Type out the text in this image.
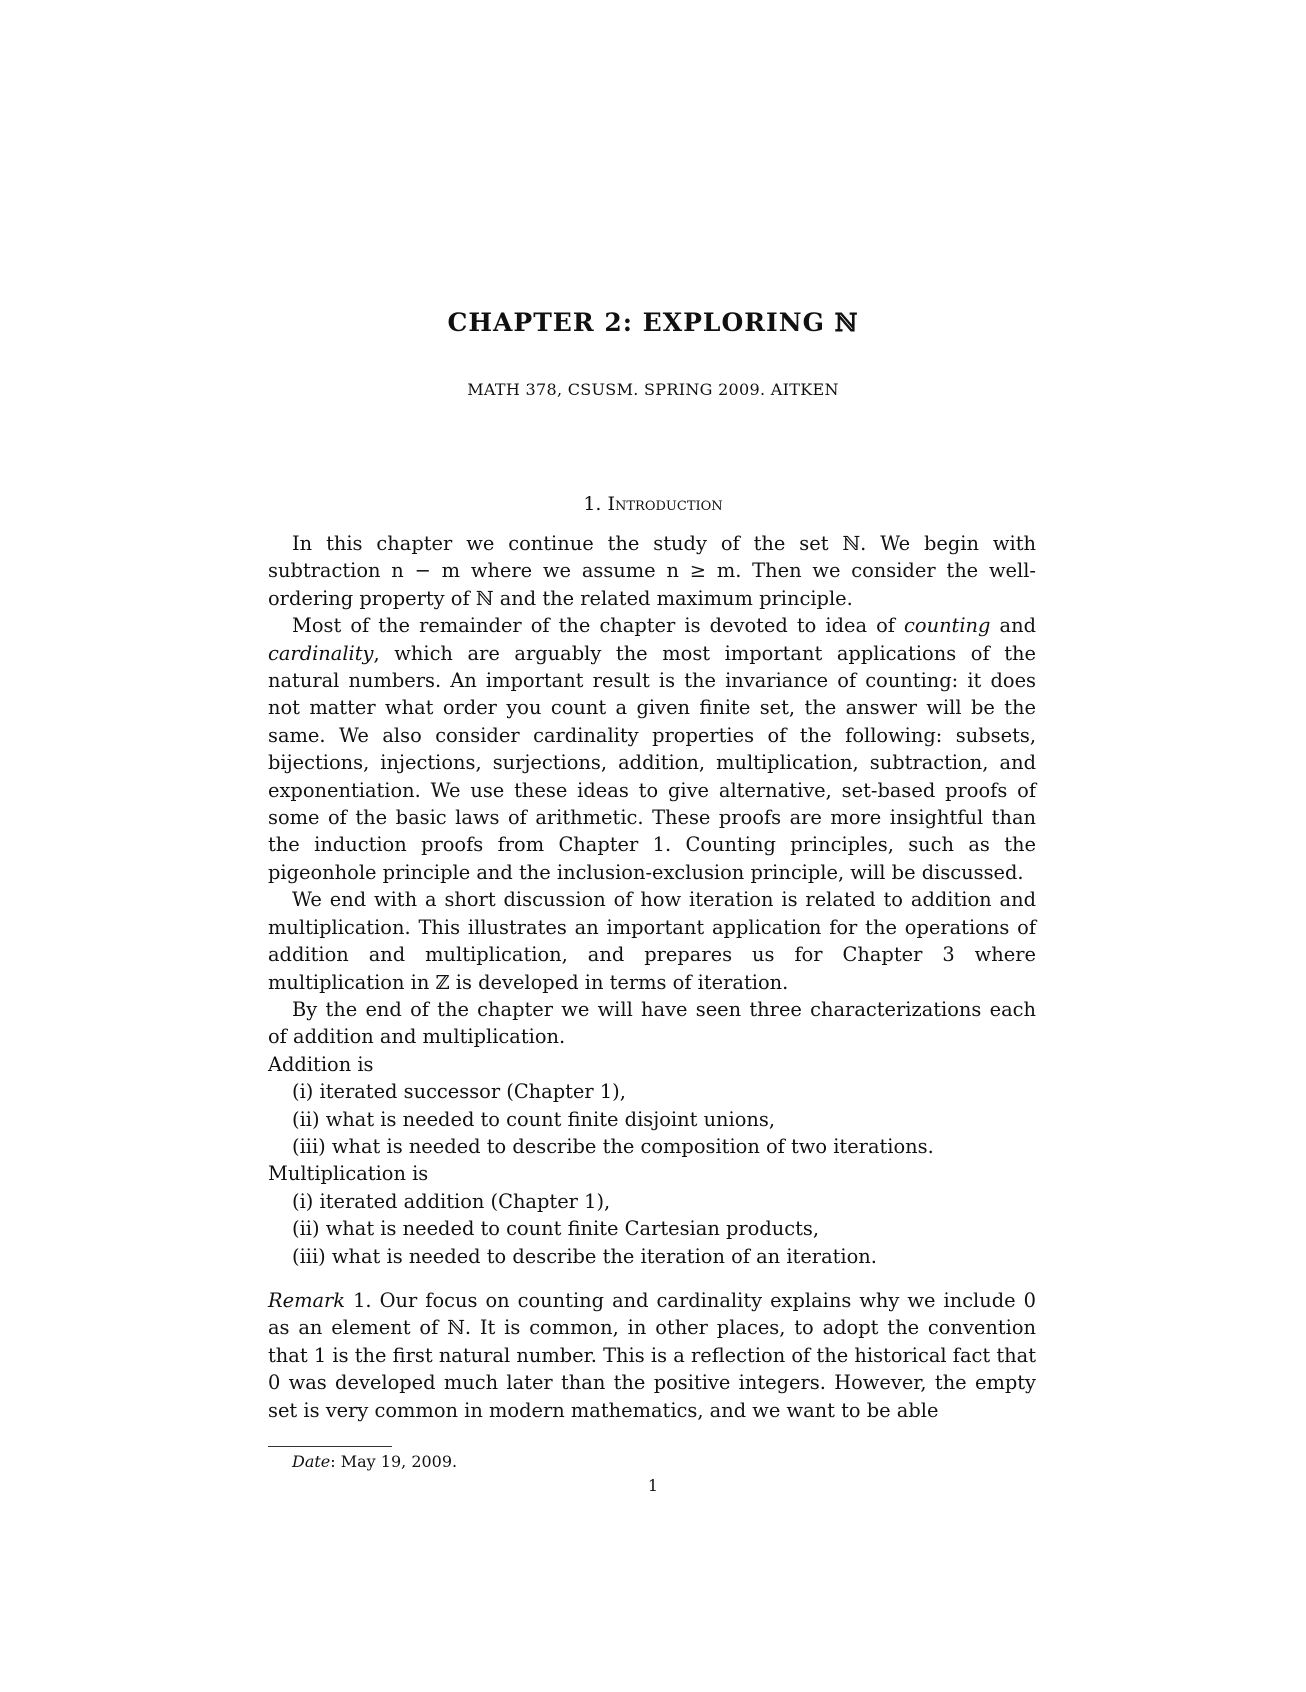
CHAPTER 2: EXPLORING ℕ
MATH 378, CSUSM. SPRING 2009. AITKEN
1. Introduction

In this chapter we continue the study of the set ℕ. We begin with subtraction n − m where we assume n ≥ m. Then we consider the well-ordering property of ℕ and the related maximum principle.

Most of the remainder of the chapter is devoted to idea of counting and cardinality, which are arguably the most important applications of the natural numbers. An important result is the invariance of counting: it does not matter what order you count a given finite set, the answer will be the same. We also consider cardinality properties of the following: subsets, bijections, injections, surjections, addition, multiplication, subtraction, and exponentiation. We use these ideas to give alternative, set-based proofs of some of the basic laws of arithmetic. These proofs are more insightful than the induction proofs from Chapter 1. Counting principles, such as the pigeonhole principle and the inclusion-exclusion principle, will be discussed.

We end with a short discussion of how iteration is related to addition and multiplication. This illustrates an important application for the operations of addition and multiplication, and prepares us for Chapter 3 where multiplication in ℤ is developed in terms of iteration.

By the end of the chapter we will have seen three characterizations each of addition and multiplication.

Addition is

(i) iterated successor (Chapter 1),

(ii) what is needed to count finite disjoint unions,

(iii) what is needed to describe the composition of two iterations.

Multiplication is

(i) iterated addition (Chapter 1),

(ii) what is needed to count finite Cartesian products,

(iii) what is needed to describe the iteration of an iteration.

Remark 1. Our focus on counting and cardinality explains why we include 0 as an element of ℕ. It is common, in other places, to adopt the convention that 1 is the first natural number. This is a reflection of the historical fact that 0 was developed much later than the positive integers. However, the empty set is very common in modern mathematics, and we want to be able

Date: May 19, 2009.
1
